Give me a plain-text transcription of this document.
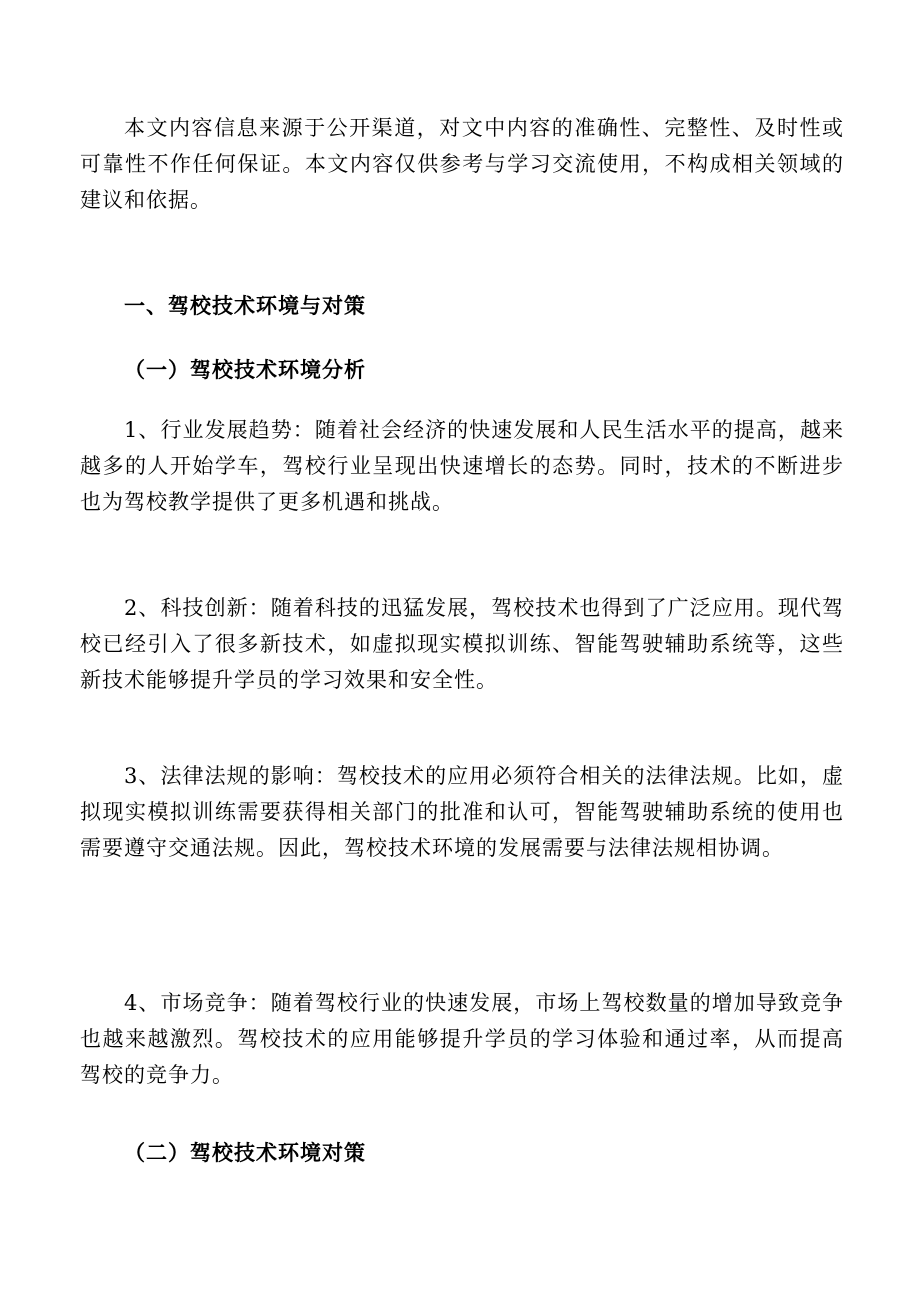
本文内容信息来源于公开渠道，对文中内容的准确性、完整性、及时性或可靠性不作任何保证。本文内容仅供参考与学习交流使用，不构成相关领域的建议和依据。

一、驾校技术环境与对策
（一）驾校技术环境分析

1、行业发展趋势：随着社会经济的快速发展和人民生活水平的提高，越来越多的人开始学车，驾校行业呈现出快速增长的态势。同时，技术的不断进步也为驾校教学提供了更多机遇和挑战。

2、科技创新：随着科技的迅猛发展，驾校技术也得到了广泛应用。现代驾校已经引入了很多新技术，如虚拟现实模拟训练、智能驾驶辅助系统等，这些新技术能够提升学员的学习效果和安全性。

3、法律法规的影响：驾校技术的应用必须符合相关的法律法规。比如，虚拟现实模拟训练需要获得相关部门的批准和认可，智能驾驶辅助系统的使用也需要遵守交通法规。因此，驾校技术环境的发展需要与法律法规相协调。

4、市场竞争：随着驾校行业的快速发展，市场上驾校数量的增加导致竞争也越来越激烈。驾校技术的应用能够提升学员的学习体验和通过率，从而提高驾校的竞争力。

（二）驾校技术环境对策
